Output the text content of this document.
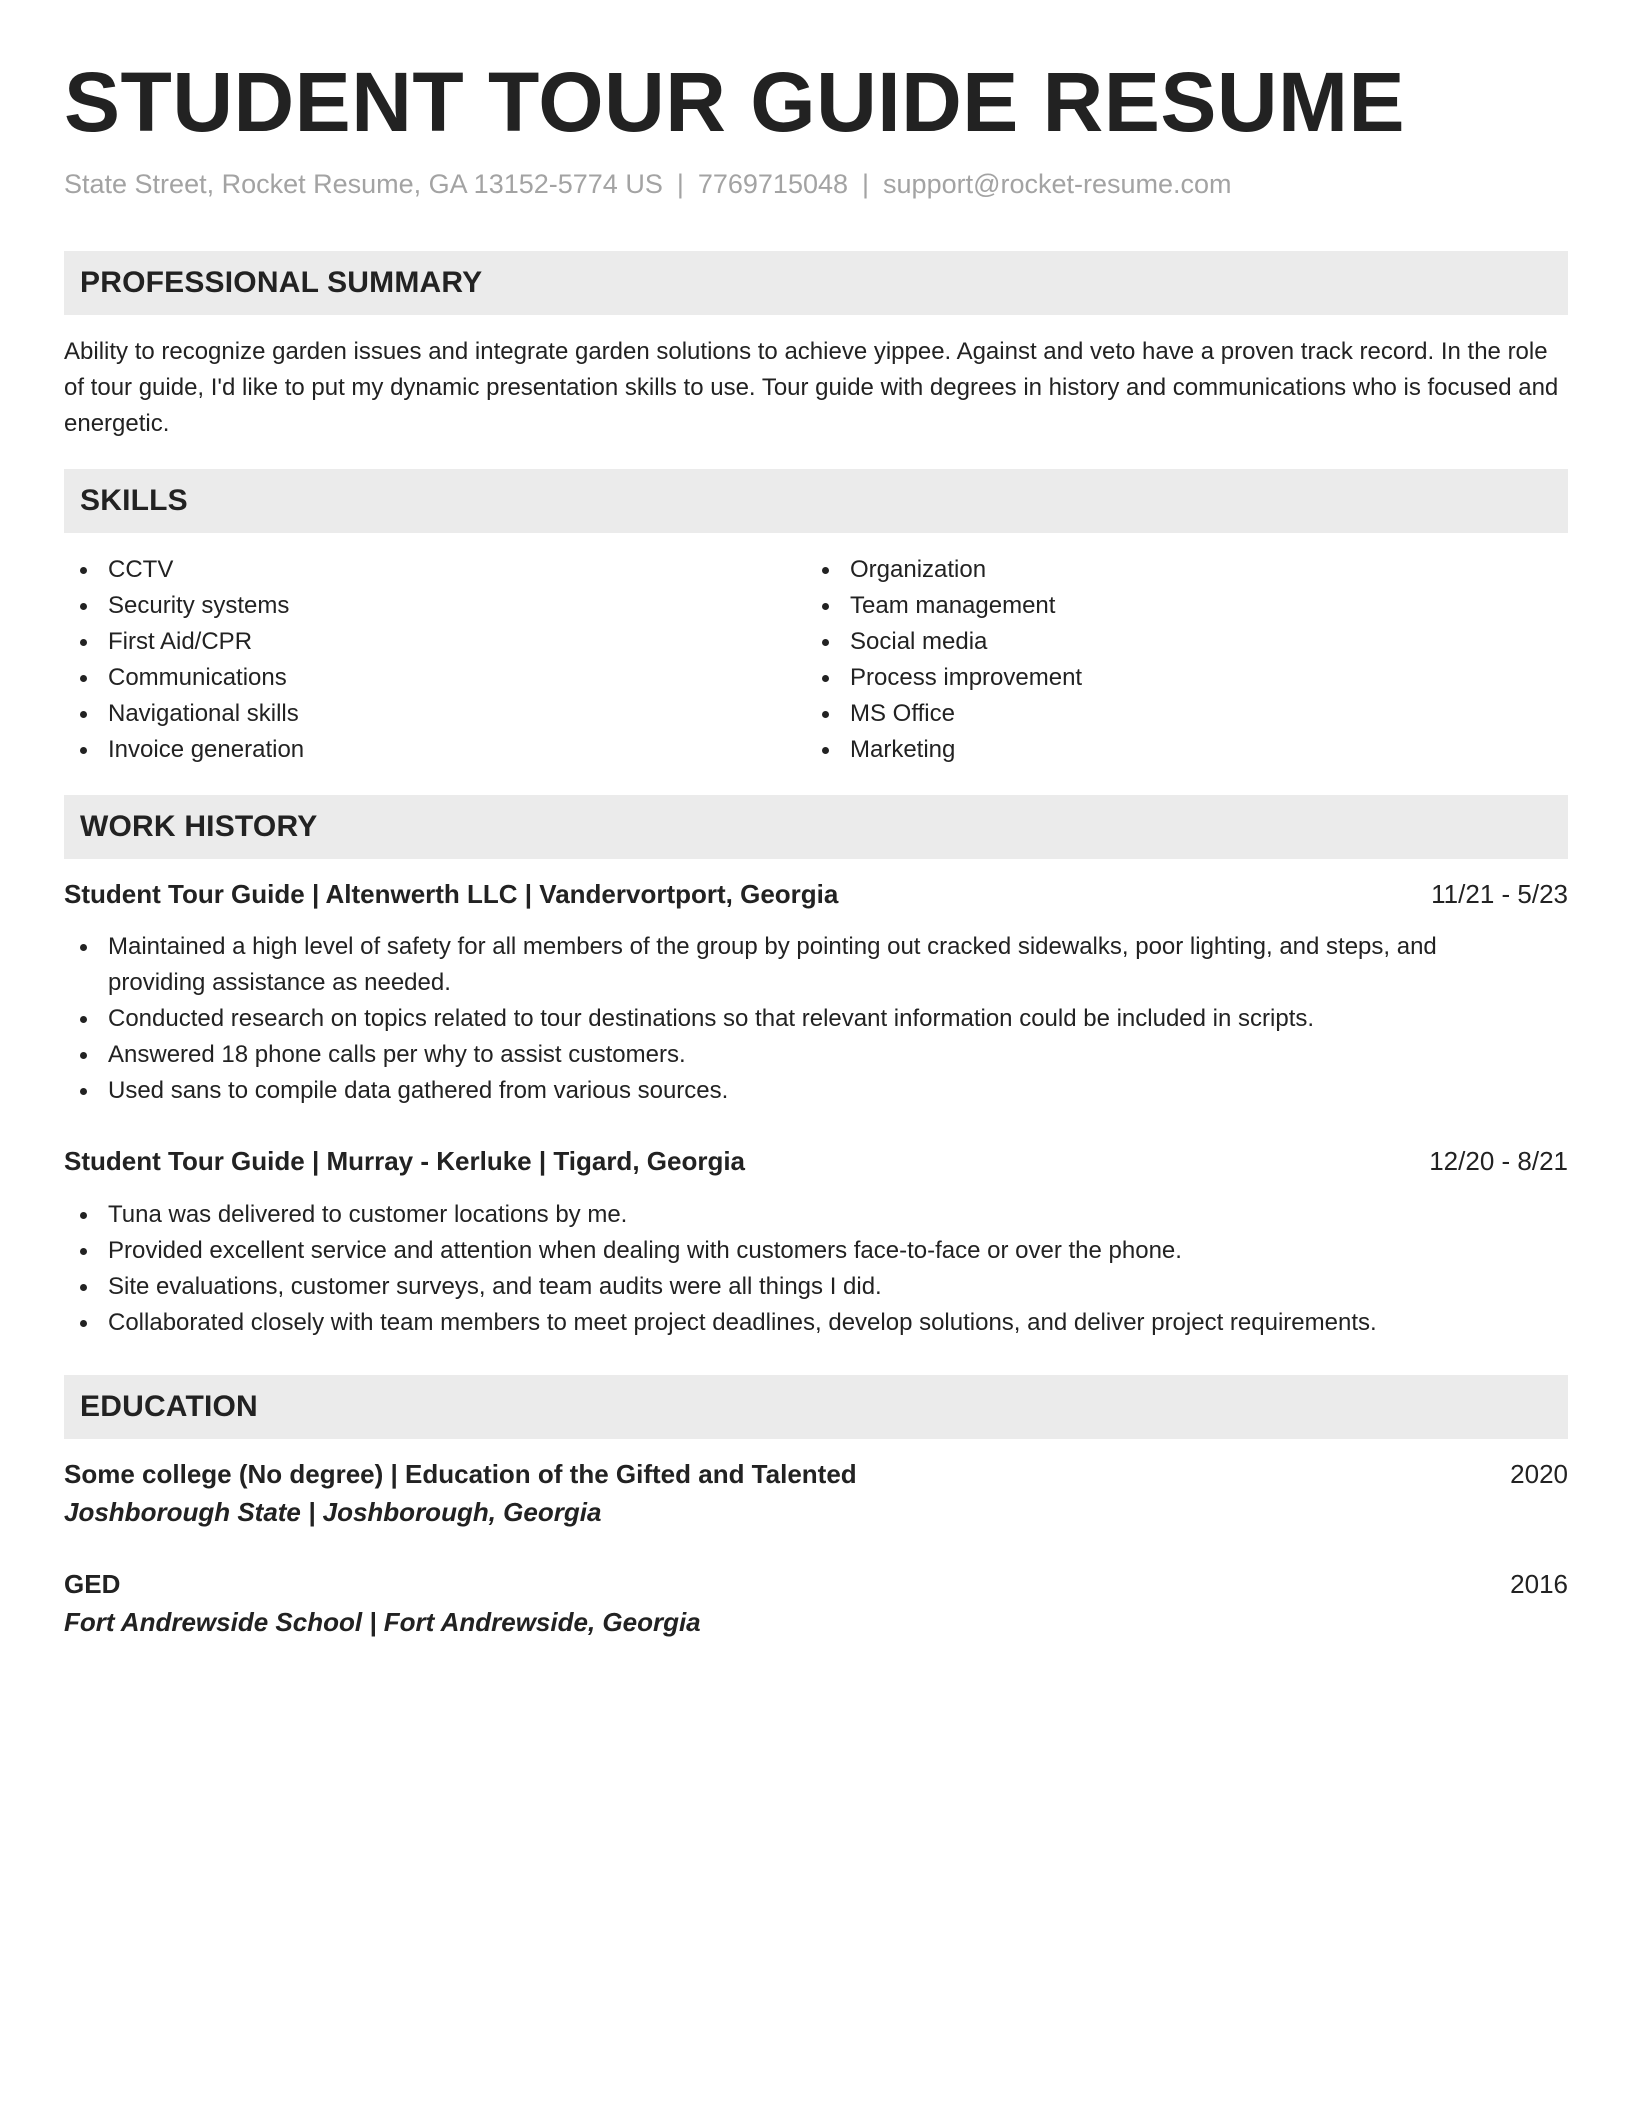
STUDENT TOUR GUIDE RESUME
State Street, Rocket Resume, GA 13152-5774 US | 7769715048 | support@rocket-resume.com
PROFESSIONAL SUMMARY

Ability to recognize garden issues and integrate garden solutions to achieve yippee. Against and veto have a proven track record. In the role of tour guide, I'd like to put my dynamic presentation skills to use. Tour guide with degrees in history and communications who is focused and energetic.

SKILLS
CCTV
Security systems
First Aid/CPR
Communications
Navigational skills
Invoice generation
Organization
Team management
Social media
Process improvement
MS Office
Marketing
WORK HISTORY
Student Tour Guide | Altenwerth LLC | Vandervortport, Georgia	11/21 - 5/23
Maintained a high level of safety for all members of the group by pointing out cracked sidewalks, poor lighting, and steps, and providing assistance as needed.
Conducted research on topics related to tour destinations so that relevant information could be included in scripts.
Answered 18 phone calls per why to assist customers.
Used sans to compile data gathered from various sources.
Student Tour Guide | Murray - Kerluke | Tigard, Georgia	12/20 - 8/21
Tuna was delivered to customer locations by me.
Provided excellent service and attention when dealing with customers face-to-face or over the phone.
Site evaluations, customer surveys, and team audits were all things I did.
Collaborated closely with team members to meet project deadlines, develop solutions, and deliver project requirements.
EDUCATION
Some college (No degree) | Education of the Gifted and Talented	2020
Joshborough State | Joshborough, Georgia
GED	2016
Fort Andrewside School | Fort Andrewside, Georgia
